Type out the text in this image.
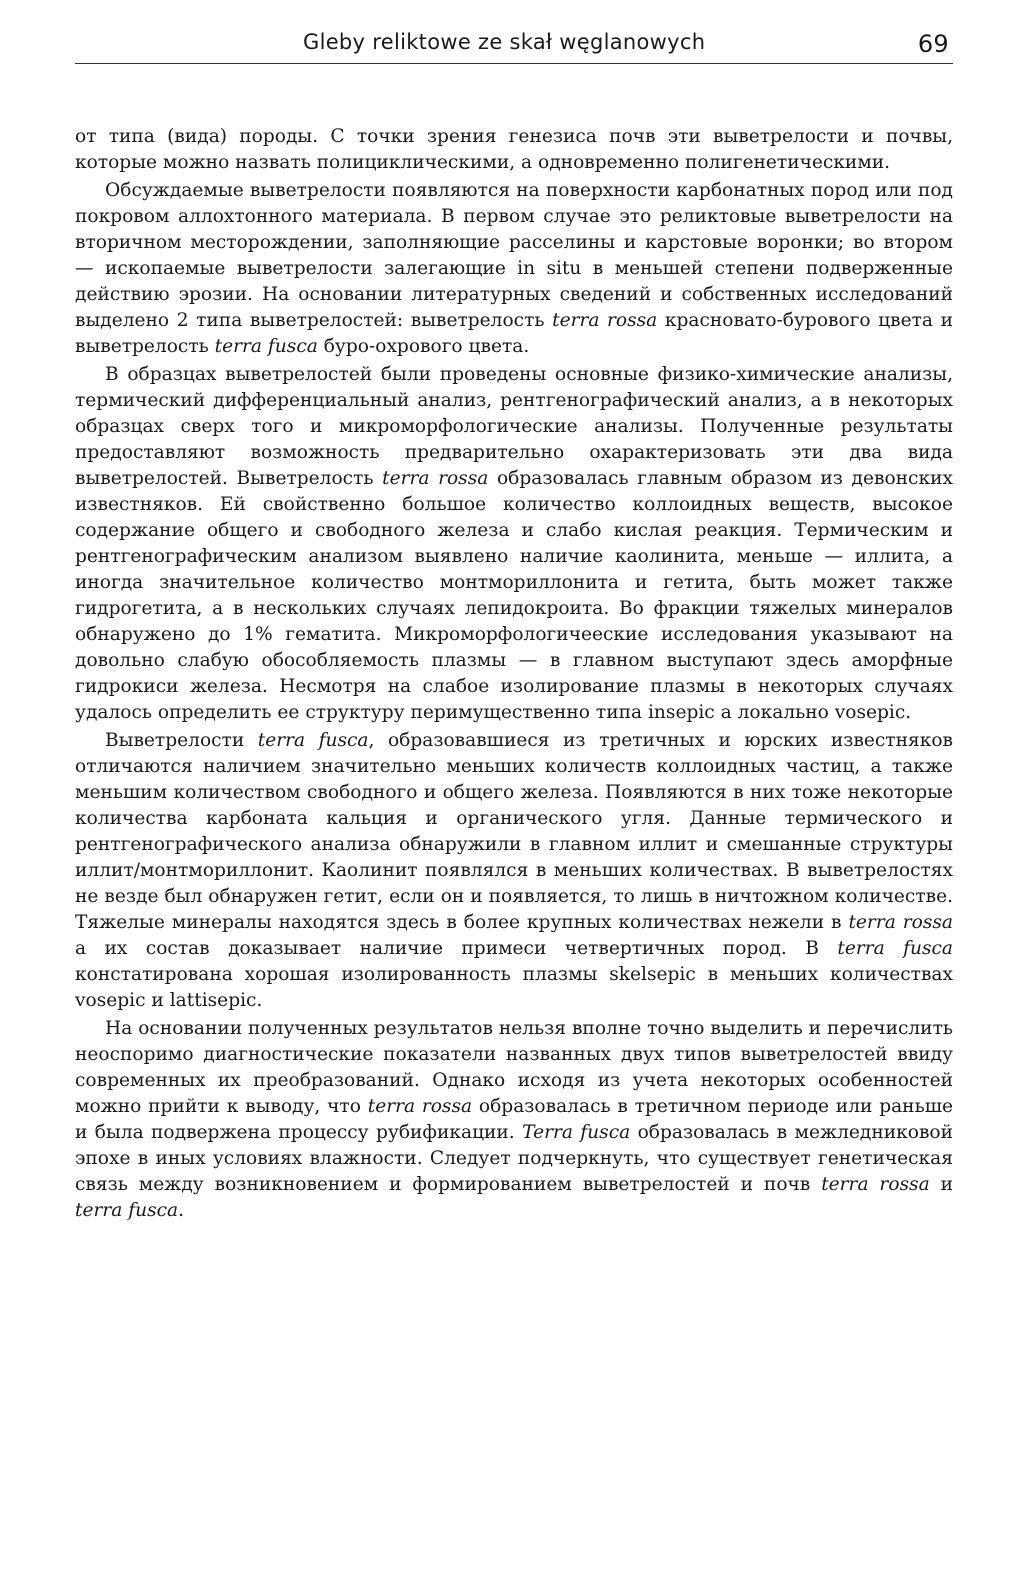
Gleby reliktowe ze skał węglanowych	69

от типа (вида) породы. С точки зрения генезиса почв эти выветрелости и почвы, которые можно назвать полициклическими, а одновременно полигенетическими.

Обсуждаемые выветрелости появляются на поверхности карбонатных пород или под покровом аллохтонного материала. В первом случае это реликтовые выветрелости на вторичном месторождении, заполняющие расселины и карстовые воронки; во втором — ископаемые выветрелости залегающие in situ в меньшей степени подверженные действию эрозии. На основании литературных сведений и собственных исследований выделено 2 типа выветрелостей: выветрелость terra rossa красновато-бурового цвета и выветрелость terra fusca буро-охрового цвета.

В образцах выветрелостей были проведены основные физико-химические анализы, термический дифференциальный анализ, рентгенографический анализ, а в некоторых образцах сверх того и микроморфологические анализы. Полученные результаты предоставляют возможность предварительно охарактеризовать эти два вида выветрелостей. Выветрелость terra rossa образовалась главным образом из девонских известняков. Ей свойственно большое количество коллоидных веществ, высокое содержание общего и свободного железа и слабо кислая реакция. Термическим и рентгенографическим анализом выявлено наличие каолинита, меньше — иллита, а иногда значительное количество монтмориллонита и гетита, быть может также гидрогетита, а в нескольких случаях лепидокроита. Во фракции тяжелых минералов обнаружено до 1% гематита. Микроморфологичееские исследования указывают на довольно слабую обособляемость плазмы — в главном выступают здесь аморфные гидрокиси железа. Несмотря на слабое изолирование плазмы в некоторых случаях удалось определить ее структуру перимущественно типа insepic а локально vosepic.

Выветрелости terra fusca, образовавшиеся из третичных и юрских известняков отличаются наличием значительно меньших количеств коллоидных частиц, а также меньшим количеством свободного и общего железа. Появляются в них тоже некоторые количества карбоната кальция и органического угля. Данные термического и рентгенографического анализа обнаружили в главном иллит и смешанные структуры иллит/монтмориллонит. Каолинит появлялся в меньших количествах. В выветрелостях не везде был обнаружен гетит, если он и появляется, то лишь в ничтожном количестве. Тяжелые минералы находятся здесь в более крупных количествах нежели в terra rossa а их состав доказывает наличие примеси четвертичных пород. В terra fusca констатирована хорошая изолированность плазмы skelsepic в меньших количествах vosepic и lattisepic.

На основании полученных результатов нельзя вполне точно выделить и перечислить неоспоримо диагностические показатели названных двух типов выветрелостей ввиду современных их преобразований. Однако исходя из учета некоторых особенностей можно прийти к выводу, что terra rossa образовалась в третичном периоде или раньше и была подвержена процессу рубификации. Terra fusca образовалась в межледниковой эпохе в иных условиях влажности. Следует подчеркнуть, что существует генетическая связь между возникновением и формированием выветрелостей и почв terra rossa и terra fusca.
